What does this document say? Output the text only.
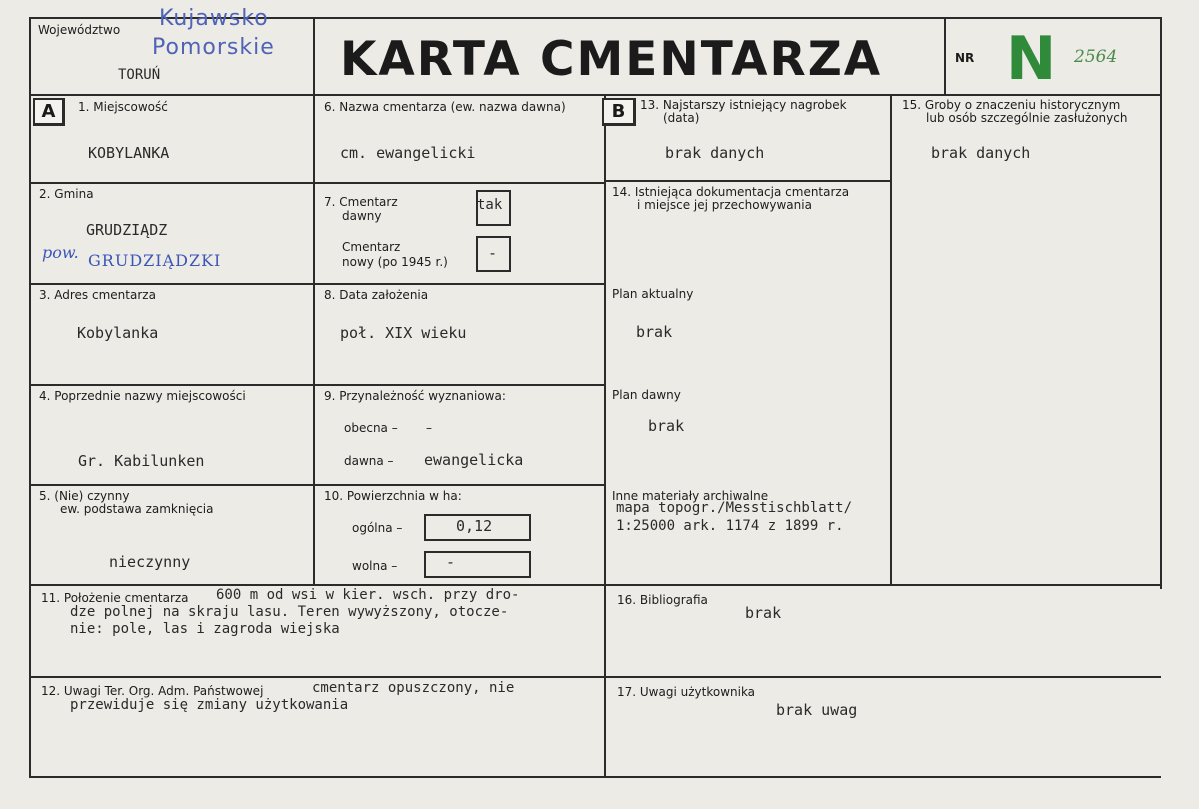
Województwo Kujawsko
Pomorskie
TORUŃ	KARTA CMENTARZA	NR N 2564
A	B
1. Miejscowość
KOBYLANKA
2. Gmina
GRUDZIĄDZ
pow. GRUDZIĄDZKI
3. Adres cmentarza
Kobylanka
4. Poprzednie nazwy miejscowości
Gr. Kabilunken
5. (Nie) czynny
ew. podstawa zamknięcia
nieczynny
6. Nazwa cmentarza (ew. nazwa dawna)
cm. ewangelicki
7. Cmentarz
dawny
tak
Cmentarz
nowy (po 1945 r.)	-
8. Data założenia
poł. XIX wieku
9. Przynależność wyznaniowa:
obecna – –
dawna – ewangelicka
10. Powierzchnia w ha:
ogólna –	0,12
wolna –	-
13. Najstarszy istniejący nagrobek
(data)
brak danych
14. Istniejąca dokumentacja cmentarza
i miejsce jej przechowywania
Plan aktualny
brak
Plan dawny
brak
Inne materiały archiwalne
mapa topogr./Messtischblatt/
1:25000 ark. 1174 z 1899 r.
15. Groby o znaczeniu historycznym
lub osób szczególnie zasłużonych
brak danych
11. Położenie cmentarza 600 m od wsi w kier. wsch. przy dro-
dze polnej na skraju lasu. Teren wywyższony, otocze-
nie: pole, las i zagroda wiejska
16. Bibliografia
brak
12. Uwagi Ter. Org. Adm. Państwowej	cmentarz opuszczony, nie
przewiduje się zmiany użytkowania
17. Uwagi użytkownika
brak uwag
